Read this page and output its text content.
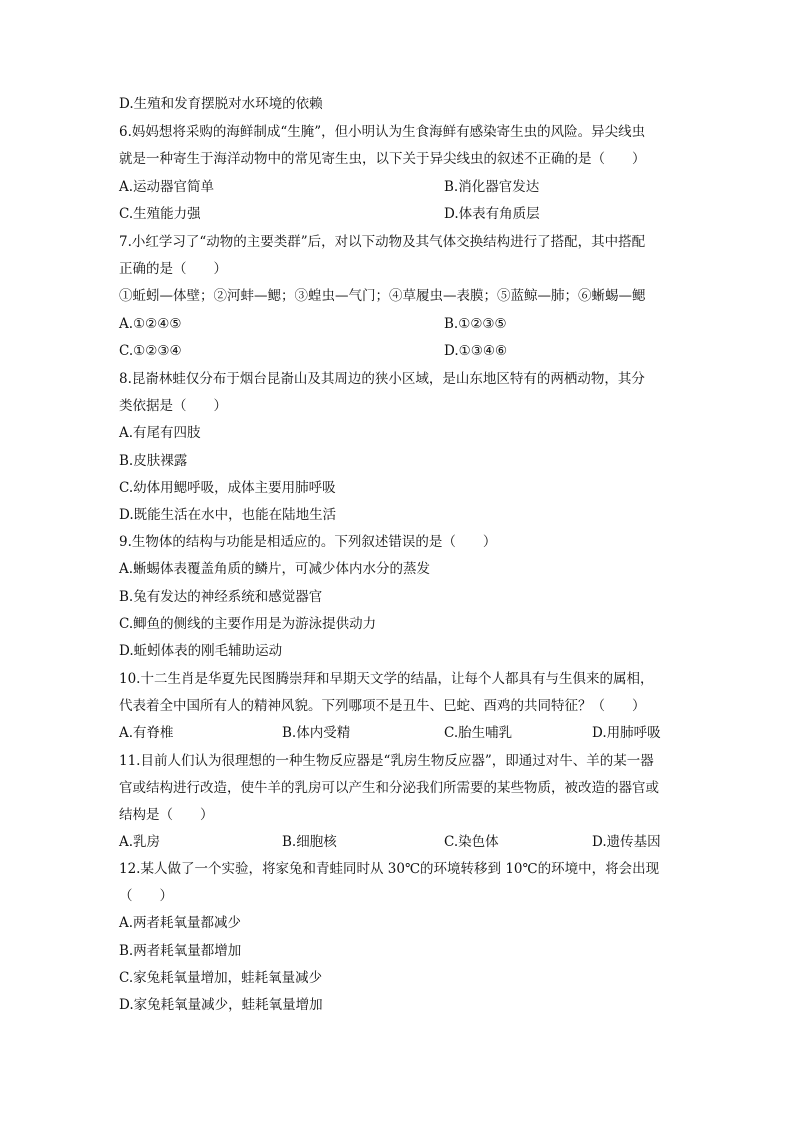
D.生殖和发育摆脱对水环境的依赖
6.妈妈想将采购的海鲜制成“生腌”，但小明认为生食海鲜有感染寄生虫的风险。异尖线虫
就是一种寄生于海洋动物中的常见寄生虫，以下关于异尖线虫的叙述不正确的是（　　）
A.运动器官简单	B.消化器官发达
C.生殖能力强	D.体表有角质层
7.小红学习了“动物的主要类群”后，对以下动物及其气体交换结构进行了搭配，其中搭配
正确的是（　　）
①蚯蚓—体壁；②河蚌—鳃；③蝗虫—气门；④草履虫—表膜；⑤蓝鲸—肺；⑥蜥蜴—鳃
A.①②④⑤	B.①②③⑤
C.①②③④	D.①③④⑥
8.昆嵛林蛙仅分布于烟台昆嵛山及其周边的狭小区域，是山东地区特有的两栖动物，其分
类依据是（　　）
A.有尾有四肢
B.皮肤裸露
C.幼体用鳃呼吸，成体主要用肺呼吸
D.既能生活在水中，也能在陆地生活
9.生物体的结构与功能是相适应的。下列叙述错误的是（　　）
A.蜥蜴体表覆盖角质的鳞片，可减少体内水分的蒸发
B.兔有发达的神经系统和感觉器官
C.鲫鱼的侧线的主要作用是为游泳提供动力
D.蚯蚓体表的刚毛辅助运动
10.十二生肖是华夏先民图腾崇拜和早期天文学的结晶，让每个人都具有与生俱来的属相，
代表着全中国所有人的精神风貌。下列哪项不是丑牛、巳蛇、酉鸡的共同特征？（　　）
A.有脊椎	B.体内受精	C.胎生哺乳	D.用肺呼吸
11.目前人们认为很理想的一种生物反应器是“乳房生物反应器”，即通过对牛、羊的某一器
官或结构进行改造，使牛羊的乳房可以产生和分泌我们所需要的某些物质，被改造的器官或
结构是（　　）
A.乳房	B.细胞核	C.染色体	D.遗传基因
12.某人做了一个实验，将家兔和青蛙同时从 30℃的环境转移到 10℃的环境中，将会出现
（　　）
A.两者耗氧量都减少
B.两者耗氧量都增加
C.家兔耗氧量增加，蛙耗氧量减少
D.家兔耗氧量减少，蛙耗氧量增加
